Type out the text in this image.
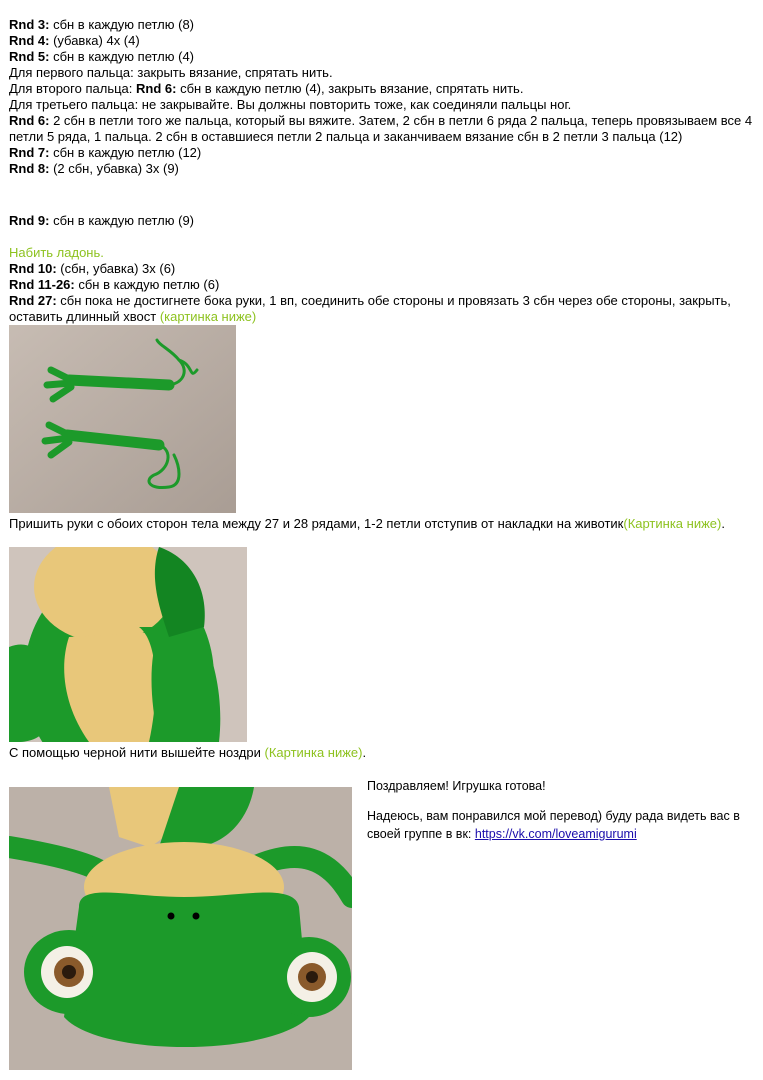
Rnd 3: сбн в каждую петлю (8)
Rnd 4: (убавка) 4х (4)
Rnd 5: сбн в каждую петлю (4)
Для первого пальца: закрыть вязание, спрятать нить.
Для второго пальца: Rnd 6: сбн в каждую петлю (4), закрыть вязание, спрятать нить.
Для третьего пальца: не закрывайте. Вы должны повторить тоже, как соединяли пальцы ног.
Rnd 6: 2 сбн в петли того же пальца, который вы вяжите. Затем, 2 сбн в петли 6 ряда 2 пальца, теперь провязываем все 4 петли 5 ряда, 1 пальца. 2 сбн в оставшиеся петли 2 пальца и заканчиваем вязание сбн в 2 петли 3 пальца (12)
Rnd 7: сбн в каждую петлю (12)
Rnd 8: (2 сбн, убавка) 3х (9)
Rnd 9: сбн в каждую петлю (9)
Набить ладонь.
Rnd 10: (сбн, убавка) 3х (6)
Rnd 11-26: сбн в каждую петлю (6)
Rnd 27: сбн пока не достигнете бока руки, 1 вп, соединить обе стороны и провязать 3 сбн через обе стороны, закрыть, оставить длинный хвост (картинка ниже)
Пришить руки с обоих сторон тела между 27 и 28 рядами, 1-2 петли отступив от накладки на животик(Картинка ниже).
С помощью черной нити вышейте ноздри (Картинка ниже).
Поздравляем! Игрушка готова!
Надеюсь, вам понравился мой перевод) буду рада видеть вас в своей группе в вк: https://vk.com/loveamigurumi
